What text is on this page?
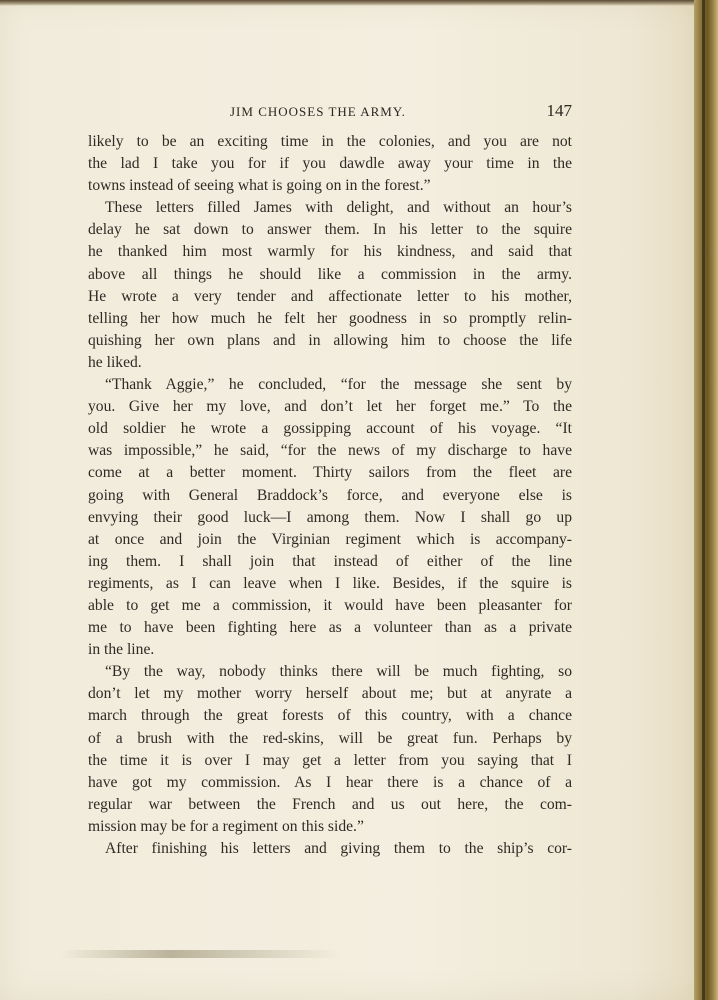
JIM CHOOSES THE ARMY.	147
likely to be an exciting time in the colonies, and you are not
the lad I take you for if you dawdle away your time in the
towns instead of seeing what is going on in the forest.”
These letters filled James with delight, and without an hour’s
delay he sat down to answer them. In his letter to the squire
he thanked him most warmly for his kindness, and said that
above all things he should like a commission in the army.
He wrote a very tender and affectionate letter to his mother,
telling her how much he felt her goodness in so promptly relin-
quishing her own plans and in allowing him to choose the life
he liked.
“Thank Aggie,” he concluded, “for the message she sent by
you. Give her my love, and don’t let her forget me.” To the
old soldier he wrote a gossipping account of his voyage. “It
was impossible,” he said, “for the news of my discharge to have
come at a better moment. Thirty sailors from the fleet are
going with General Braddock’s force, and everyone else is
envying their good luck—I among them. Now I shall go up
at once and join the Virginian regiment which is accompany-
ing them. I shall join that instead of either of the line
regiments, as I can leave when I like. Besides, if the squire is
able to get me a commission, it would have been pleasanter for
me to have been fighting here as a volunteer than as a private
in the line.
“By the way, nobody thinks there will be much fighting, so
don’t let my mother worry herself about me; but at anyrate a
march through the great forests of this country, with a chance
of a brush with the red-skins, will be great fun. Perhaps by
the time it is over I may get a letter from you saying that I
have got my commission. As I hear there is a chance of a
regular war between the French and us out here, the com-
mission may be for a regiment on this side.”
After finishing his letters and giving them to the ship’s cor-
